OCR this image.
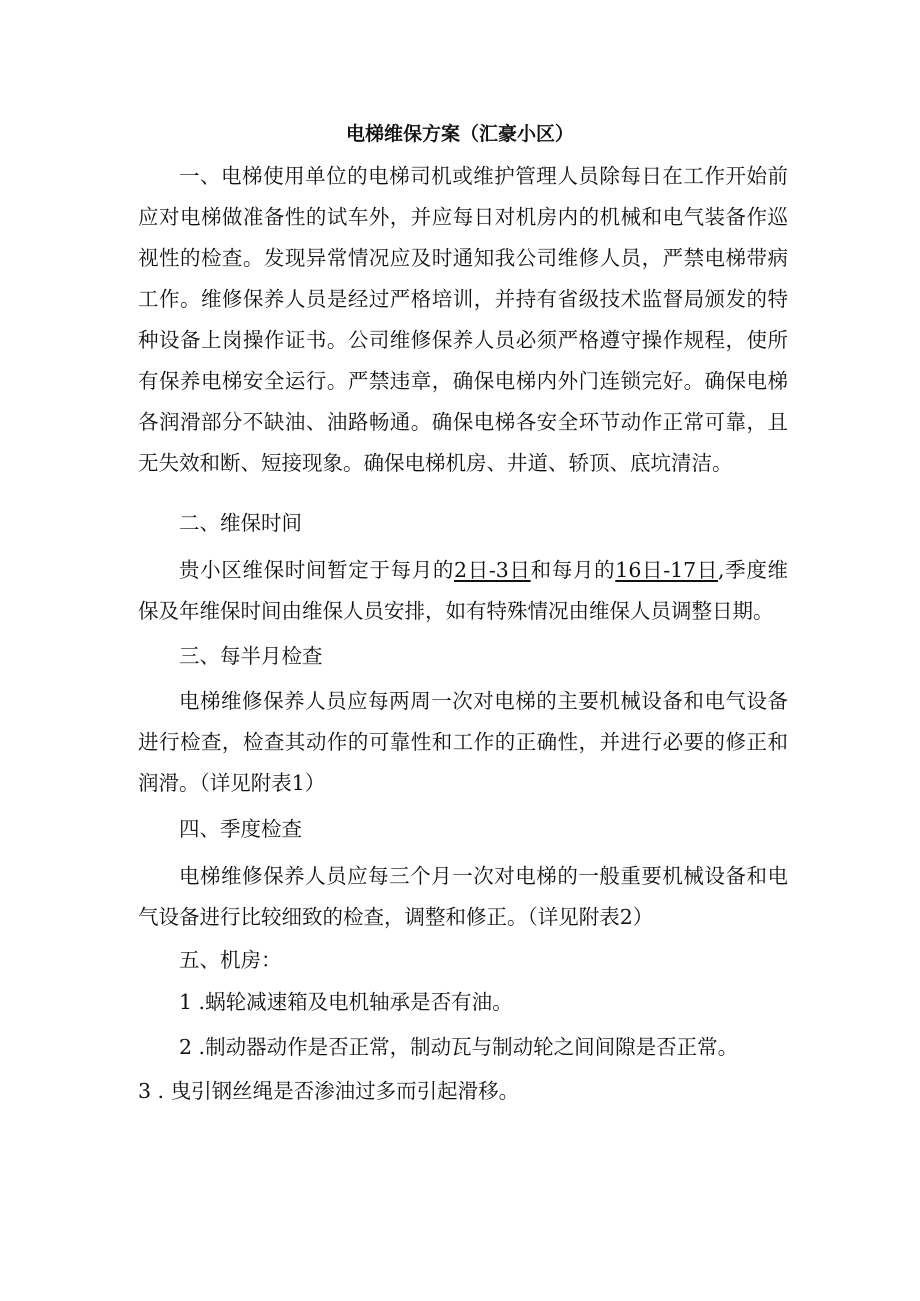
电梯维保方案（汇豪小区）

一、电梯使用单位的电梯司机或维护管理人员除每日在工作开始前应对电梯做准备性的试车外，并应每日对机房内的机械和电气装备作巡视性的检查。发现异常情况应及时通知我公司维修人员，严禁电梯带病工作。维修保养人员是经过严格培训，并持有省级技术监督局颁发的特种设备上岗操作证书。公司维修保养人员必须严格遵守操作规程，使所有保养电梯安全运行。严禁违章，确保电梯内外门连锁完好。确保电梯各润滑部分不缺油、油路畅通。确保电梯各安全环节动作正常可靠，且无失效和断、短接现象。确保电梯机房、井道、轿顶、底坑清洁。

二、维保时间

贵小区维保时间暂定于每月的2日-3日和每月的16日-17日,季度维保及年维保时间由维保人员安排，如有特殊情况由维保人员调整日期。

三、每半月检查

电梯维修保养人员应每两周一次对电梯的主要机械设备和电气设备进行检查，检查其动作的可靠性和工作的正确性，并进行必要的修正和润滑。（详见附表1）

四、季度检查

电梯维修保养人员应每三个月一次对电梯的一般重要机械设备和电气设备进行比较细致的检查，调整和修正。（详见附表2）

五、机房：

1 .蜗轮减速箱及电机轴承是否有油。

2 .制动器动作是否正常，制动瓦与制动轮之间间隙是否正常。

3 . 曳引钢丝绳是否渗油过多而引起滑移。
